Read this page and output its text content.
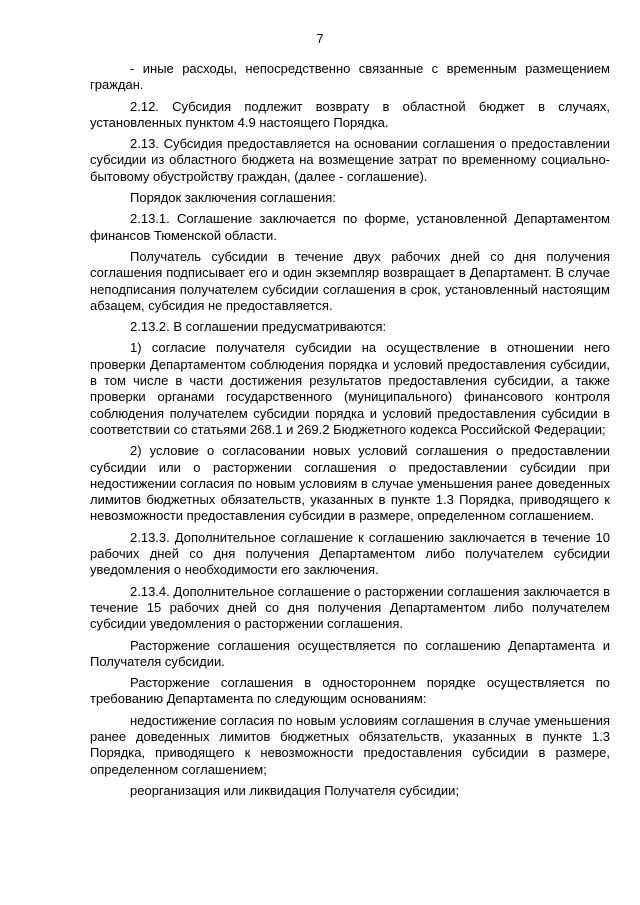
7

- иные расходы, непосредственно связанные с временным размещением граждан.

2.12. Субсидия подлежит возврату в областной бюджет в случаях, установленных пунктом 4.9 настоящего Порядка.

2.13. Субсидия предоставляется на основании соглашения о предоставлении субсидии из областного бюджета на возмещение затрат по временному социально-бытовому обустройству граждан, (далее - соглашение).

Порядок заключения соглашения:

2.13.1. Соглашение заключается по форме, установленной Департаментом финансов Тюменской области.

Получатель субсидии в течение двух рабочих дней со дня получения соглашения подписывает его и один экземпляр возвращает в Департамент. В случае неподписания получателем субсидии соглашения в срок, установленный настоящим абзацем, субсидия не предоставляется.

2.13.2. В соглашении предусматриваются:

1) согласие получателя субсидии на осуществление в отношении него проверки Департаментом соблюдения порядка и условий предоставления субсидии, в том числе в части достижения результатов предоставления субсидии, а также проверки органами государственного (муниципального) финансового контроля соблюдения получателем субсидии порядка и условий предоставления субсидии в соответствии со статьями 268.1 и 269.2 Бюджетного кодекса Российской Федерации;

2) условие о согласовании новых условий соглашения о предоставлении субсидии или о расторжении соглашения о предоставлении субсидии при недостижении согласия по новым условиям в случае уменьшения ранее доведенных лимитов бюджетных обязательств, указанных в пункте 1.3 Порядка, приводящего к невозможности предоставления субсидии в размере, определенном соглашением.

2.13.3. Дополнительное соглашение к соглашению заключается в течение 10 рабочих дней со дня получения Департаментом либо получателем субсидии уведомления о необходимости его заключения.

2.13.4. Дополнительное соглашение о расторжении соглашения заключается в течение 15 рабочих дней со дня получения Департаментом либо получателем субсидии уведомления о расторжении соглашения.

Расторжение соглашения осуществляется по соглашению Департамента и Получателя субсидии.

Расторжение соглашения в одностороннем порядке осуществляется по требованию Департамента по следующим основаниям:

недостижение согласия по новым условиям соглашения в случае уменьшения ранее доведенных лимитов бюджетных обязательств, указанных в пункте 1.3 Порядка, приводящего к невозможности предоставления субсидии в размере, определенном соглашением;

реорганизация или ликвидация Получателя субсидии;
